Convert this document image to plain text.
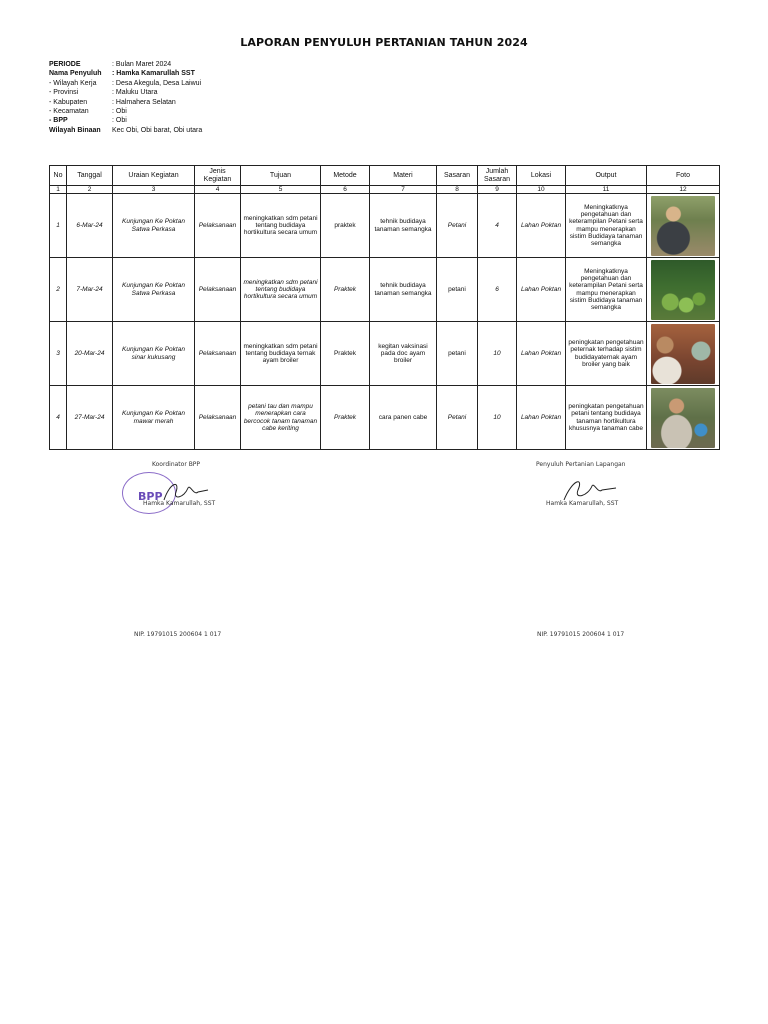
LAPORAN PENYULUH PERTANIAN TAHUN 2024
PERIODE	: Bulan Maret 2024
Nama Penyuluh	: Hamka Kamarullah SST
- Wilayah Kerja	: Desa Akegula, Desa Laiwui
- Provinsi	: Maluku Utara
- Kabupaten	: Halmahera Selatan
- Kecamatan	: Obi
- BPP	: Obi
Wilayah Binaan	Kec Obi, Obi barat, Obi utara
No	Tanggal	Uraian Kegiatan	Jenis Kegiatan	Tujuan	Metode	Materi	Sasaran	Jumlah Sasaran	Lokasi	Output	Foto
1	2	3	4	5	6	7	8	9	10	11	12
1	6-Mar-24	Kunjungan Ke Poktan Satwa Perkasa	Pelaksanaan	meningkatkan sdm petani tentang budidaya hortikultura secara umum	praktek	tehnik budidaya tanaman semangka	Petani	4	Lahan Poktan	Meningkatknya pengetahuan dan keterampilan Petani serta mampu menerapkan sistim Budidaya tanaman semangka	

2	7-Mar-24	Kunjungan Ke Poktan Satwa Perkasa	Pelaksanaan	meningkatkan sdm petani tentang budidaya hortikultura secara umum	Praktek	tehnik budidaya tanaman semangka	petani	6	Lahan Poktan	Meningkatknya pengetahuan dan keterampilan Petani serta mampu menerapkan sistim Budidaya tanaman semangka	

3	20-Mar-24	Kunjungan Ke Poktan sinar kukusang	Pelaksanaan	meningkatkan sdm petani tentang budidaya ternak ayam broiler	Praktek	kegitan vaksinasi pada doc ayam broiler	petani	10	Lahan Poktan	peningkatan pengetahuan peternak terhadap sistim budidayaternak ayam broiler yang baik	

4	27-Mar-24	Kunjungan Ke Poktan mawar merah	Pelaksanaan	petani tau dan mampu menerapkan cara bercocok tanam tanaman cabe keriting	Praktek	cara panen cabe	Petani	10	Lahan Poktan	peningkatan pengetahuan petani tentang budidaya tanaman hortikultura khususnya tanaman cabe	
Koordinator BPP
BPP
Hamka Kamarullah, SST
NIP. 19791015 200604 1 017
Penyuluh Pertanian Lapangan
Hamka Kamarullah, SST
NIP. 19791015 200604 1 017
